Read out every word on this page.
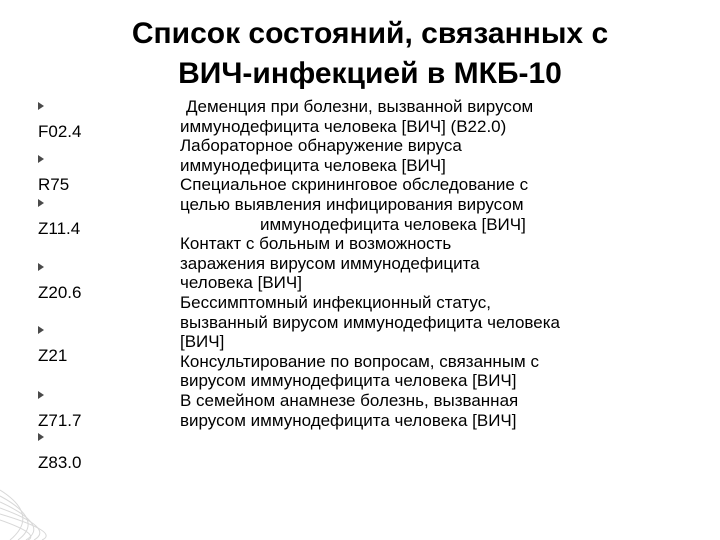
Список состояний, связанных с
ВИЧ-инфекцией в МКБ-10
F02.4
R75
Z11.4
Z20.6
Z21
Z71.7
Z83.0
Деменция при болезни, вызванной вирусом
иммунодефицита человека [ВИЧ] (B22.0)
Лабораторное обнаружение вируса
иммунодефицита человека [ВИЧ]
Специальное скрининговое обследование с
целью выявления инфицирования вирусом
иммунодефицита человека [ВИЧ]
Контакт с больным и возможность
заражения вирусом иммунодефицита
человека [ВИЧ]
Бессимптомный инфекционный статус,
вызванный вирусом иммунодефицита человека
[ВИЧ]
Консультирование по вопросам, связанным с
вирусом иммунодефицита человека [ВИЧ]
В семейном анамнезе болезнь, вызванная
вирусом иммунодефицита человека [ВИЧ]
